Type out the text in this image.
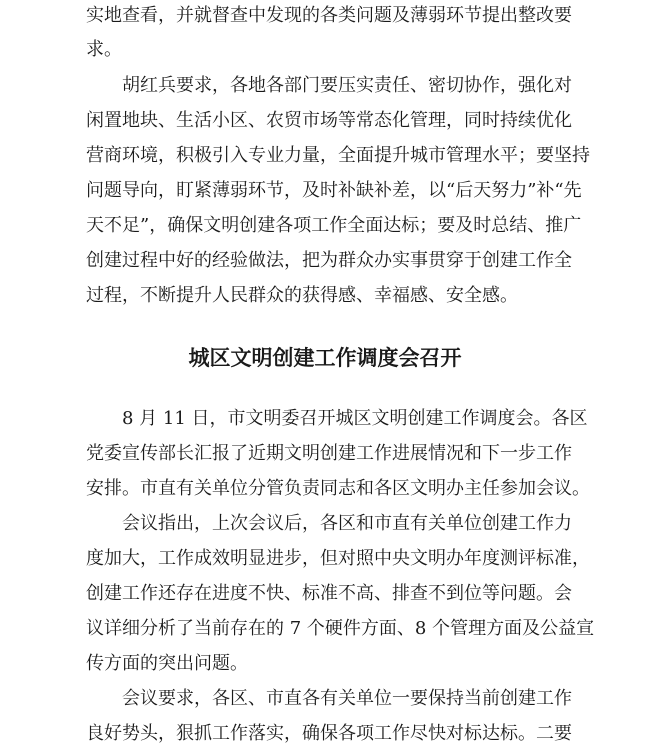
实地查看，并就督查中发现的各类问题及薄弱环节提出整改要
求。
胡红兵要求，各地各部门要压实责任、密切协作，强化对
闲置地块、生活小区、农贸市场等常态化管理，同时持续优化
营商环境，积极引入专业力量，全面提升城市管理水平；要坚持
问题导向，盯紧薄弱环节，及时补缺补差，以“后天努力”补“先
天不足”，确保文明创建各项工作全面达标；要及时总结、推广
创建过程中好的经验做法，把为群众办实事贯穿于创建工作全
过程，不断提升人民群众的获得感、幸福感、安全感。
城区文明创建工作调度会召开
8 月 11 日，市文明委召开城区文明创建工作调度会。各区
党委宣传部长汇报了近期文明创建工作进展情况和下一步工作
安排。市直有关单位分管负责同志和各区文明办主任参加会议。
会议指出，上次会议后，各区和市直有关单位创建工作力
度加大，工作成效明显进步，但对照中央文明办年度测评标准，
创建工作还存在进度不快、标准不高、排查不到位等问题。会
议详细分析了当前存在的 7 个硬件方面、8 个管理方面及公益宣
传方面的突出问题。
会议要求，各区、市直各有关单位一要保持当前创建工作
良好势头，狠抓工作落实，确保各项工作尽快对标达标。二要
